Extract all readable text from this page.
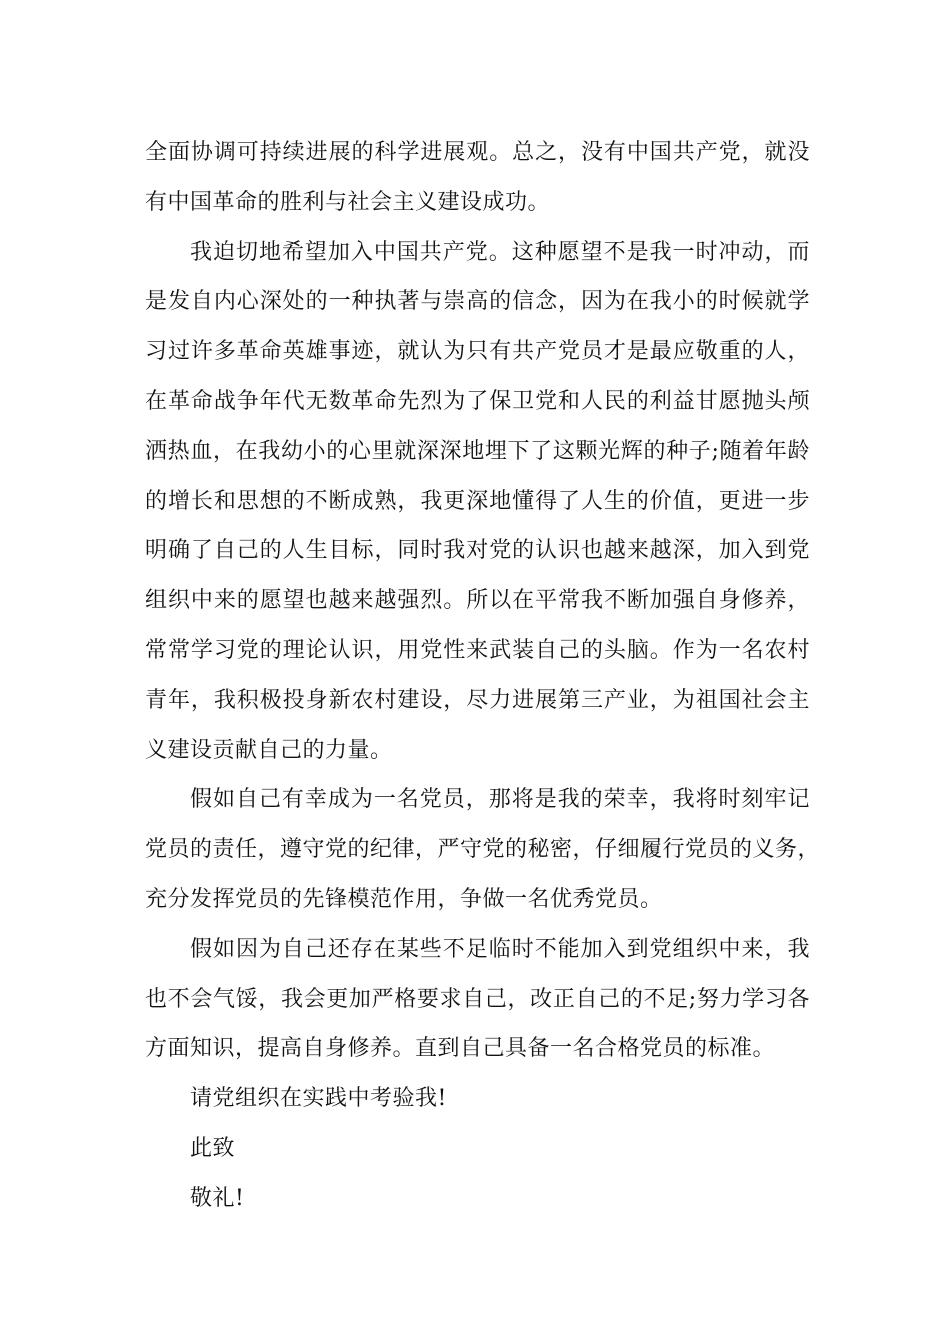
全面协调可持续进展的科学进展观。总之，没有中国共产党，就没
有中国革命的胜利与社会主义建设成功。
我迫切地希望加入中国共产党。这种愿望不是我一时冲动，而
是发自内心深处的一种执著与崇高的信念，因为在我小的时候就学
习过许多革命英雄事迹，就认为只有共产党员才是最应敬重的人，
在革命战争年代无数革命先烈为了保卫党和人民的利益甘愿抛头颅
洒热血，在我幼小的心里就深深地埋下了这颗光辉的种子;随着年龄
的增长和思想的不断成熟，我更深地懂得了人生的价值，更进一步
明确了自己的人生目标，同时我对党的认识也越来越深，加入到党
组织中来的愿望也越来越强烈。所以在平常我不断加强自身修养，
常常学习党的理论认识，用党性来武装自己的头脑。作为一名农村
青年，我积极投身新农村建设，尽力进展第三产业，为祖国社会主
义建设贡献自己的力量。
假如自己有幸成为一名党员，那将是我的荣幸，我将时刻牢记
党员的责任，遵守党的纪律，严守党的秘密，仔细履行党员的义务，
充分发挥党员的先锋模范作用，争做一名优秀党员。
假如因为自己还存在某些不足临时不能加入到党组织中来，我
也不会气馁，我会更加严格要求自己，改正自己的不足;努力学习各
方面知识，提高自身修养。直到自己具备一名合格党员的标准。
请党组织在实践中考验我!
此致
敬礼!
